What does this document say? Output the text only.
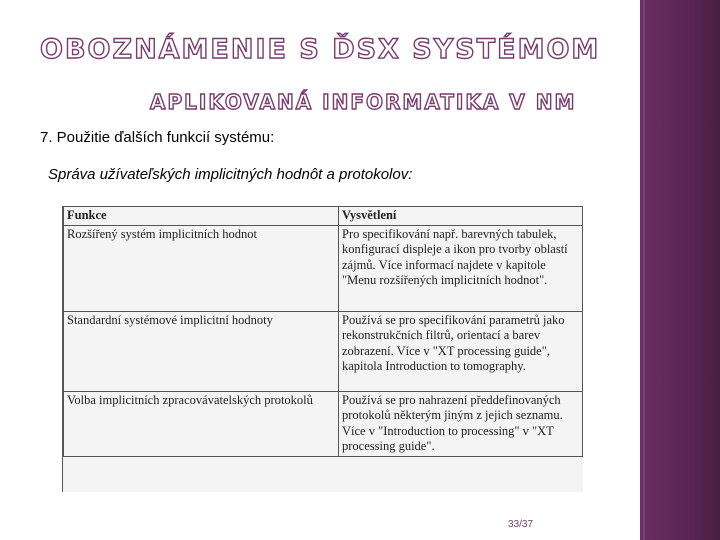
OBOZNÁMENIE S ĎSX SYSTÉMOM
APLIKOVANÁ INFORMATIKA V NM
7. Použitie ďalších funkcií systému:
Správa užívateľských implicitných hodnôt a protokolov:
Funkce	Vysvětlení
Rozšířený systém implicitních hodnot	Pro specifikování např. barevných tabulek, konfigurací displeje a ikon pro tvorby oblastí zájmů. Více informací najdete v kapitole "Menu rozšířených implicitních hodnot".
Standardní systémové implicitní hodnoty	Používá se pro specifikování parametrů jako rekonstrukčních filtrů, orientací a barev zobrazení. Více v "XT processing guide", kapitola Introduction to tomography.
Volba implicitních zpracovávatelských protokolů	Používá se pro nahrazení předdefinovaných protokolů některým jiným z jejich seznamu. Více v "Introduction to processing" v "XT processing guide".
33/37
